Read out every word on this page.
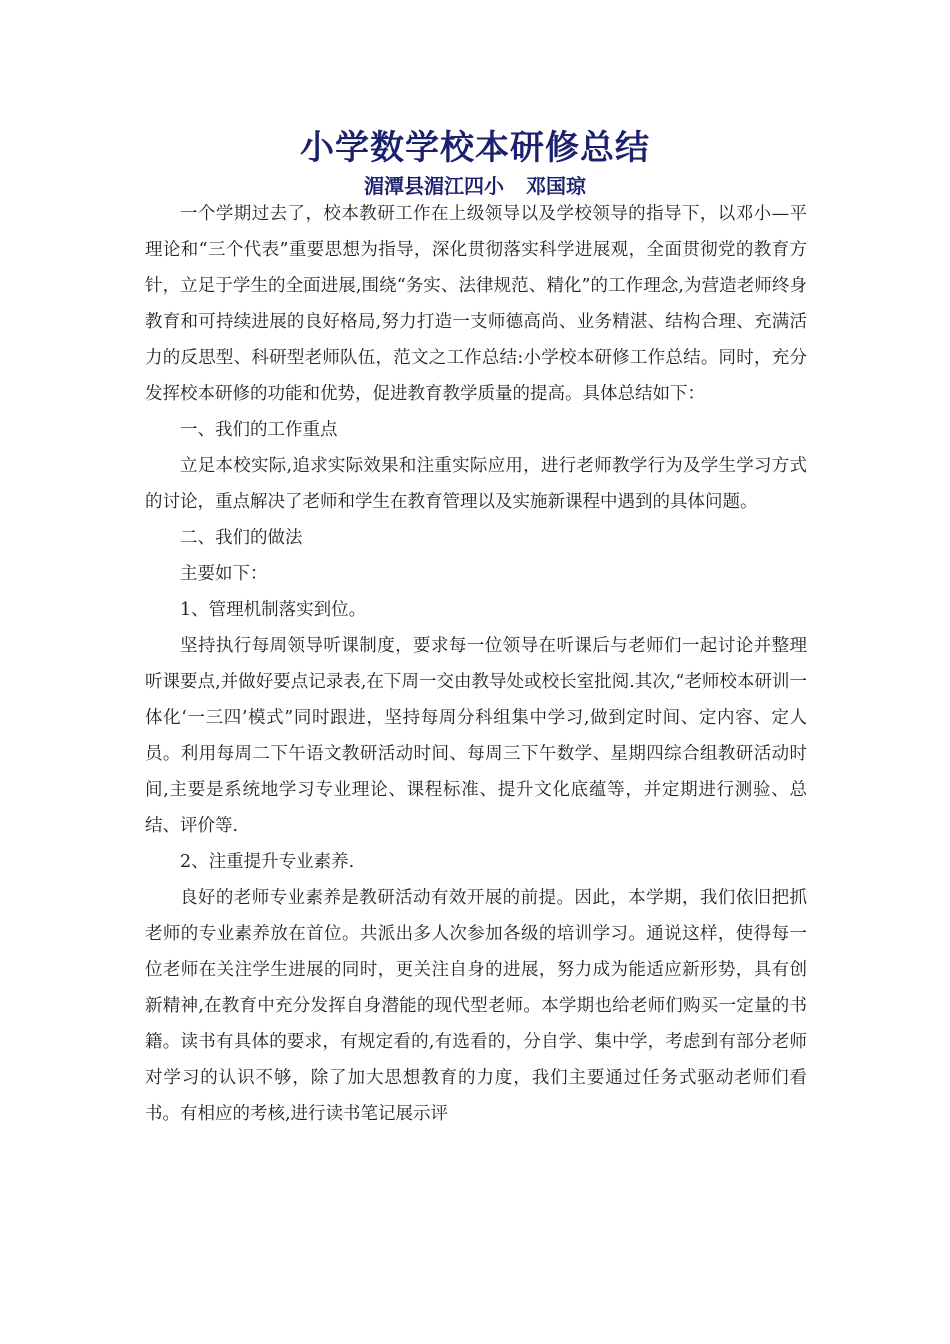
小学数学校本研修总结
湄潭县湄江四小 邓国琼

一个学期过去了，校本教研工作在上级领导以及学校领导的指导下，以邓小—平理论和“三个代表”重要思想为指导，深化贯彻落实科学进展观，全面贯彻党的教育方针，立足于学生的全面进展,围绕“务实、法律规范、精化”的工作理念,为营造老师终身教育和可持续进展的良好格局,努力打造一支师德高尚、业务精湛、结构合理、充满活力的反思型、科研型老师队伍，范文之工作总结:小学校本研修工作总结。同时，充分发挥校本研修的功能和优势，促进教育教学质量的提高。具体总结如下：

一、我们的工作重点

立足本校实际,追求实际效果和注重实际应用，进行老师教学行为及学生学习方式的讨论，重点解决了老师和学生在教育管理以及实施新课程中遇到的具体问题。

二、我们的做法

主要如下：

1、管理机制落实到位。

坚持执行每周领导听课制度，要求每一位领导在听课后与老师们一起讨论并整理听课要点,并做好要点记录表,在下周一交由教导处或校长室批阅.其次,“老师校本研训一体化‘一三四’模式”同时跟进，坚持每周分科组集中学习,做到定时间、定内容、定人员。利用每周二下午语文教研活动时间、每周三下午数学、星期四综合组教研活动时间,主要是系统地学习专业理论、课程标准、提升文化底蕴等，并定期进行测验、总结、评价等.

2、注重提升专业素养.

良好的老师专业素养是教研活动有效开展的前提。因此，本学期，我们依旧把抓老师的专业素养放在首位。共派出多人次参加各级的培训学习。通说这样，使得每一位老师在关注学生进展的同时，更关注自身的进展，努力成为能适应新形势，具有创新精神,在教育中充分发挥自身潜能的现代型老师。本学期也给老师们购买一定量的书籍。读书有具体的要求，有规定看的,有选看的，分自学、集中学，考虑到有部分老师对学习的认识不够，除了加大思想教育的力度，我们主要通过任务式驱动老师们看书。有相应的考核,进行读书笔记展示评
